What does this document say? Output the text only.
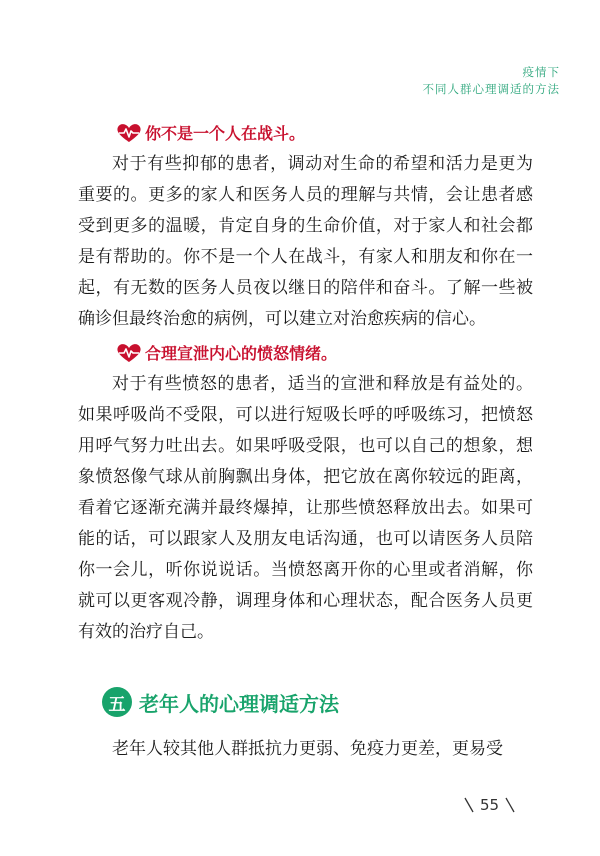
疫情下
不同人群心理调适的方法
你不是一个人在战斗。

对于有些抑郁的患者，调动对生命的希望和活力是更为重要的。更多的家人和医务人员的理解与共情，会让患者感受到更多的温暖，肯定自身的生命价值，对于家人和社会都是有帮助的。你不是一个人在战斗，有家人和朋友和你在一起，有无数的医务人员夜以继日的陪伴和奋斗。了解一些被确诊但最终治愈的病例，可以建立对治愈疾病的信心。

合理宣泄内心的愤怒情绪。

对于有些愤怒的患者，适当的宣泄和释放是有益处的。如果呼吸尚不受限，可以进行短吸长呼的呼吸练习，把愤怒用呼气努力吐出去。如果呼吸受限，也可以自己的想象，想象愤怒像气球从前胸飘出身体，把它放在离你较远的距离，看着它逐渐充满并最终爆掉，让那些愤怒释放出去。如果可能的话，可以跟家人及朋友电话沟通，也可以请医务人员陪你一会儿，听你说说话。当愤怒离开你的心里或者消解，你就可以更客观冷静，调理身体和心理状态，配合医务人员更有效的治疗自己。

五 老年人的心理调适方法

老年人较其他人群抵抗力更弱、免疫力更差，更易受

55
